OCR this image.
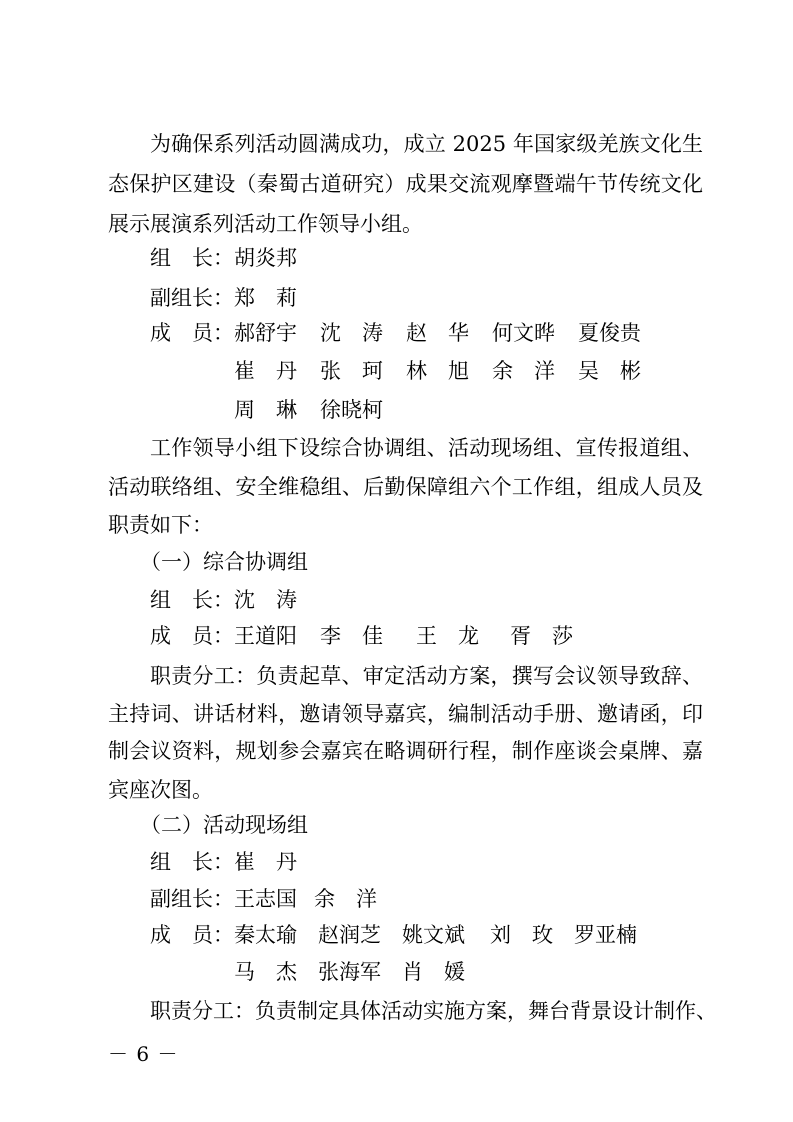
为确保系列活动圆满成功，成立 2025 年国家级羌族文化生
态保护区建设（秦蜀古道研究）成果交流观摩暨端午节传统文化
展示展演系列活动工作领导小组。
组　长： 胡炎邦
副组长： 郑　莉
成　员： 郝舒宇 沈　涛 赵　华 何文晔 夏俊贵
崔　丹 张　珂 林　旭 余　洋 吴　彬
周　琳 徐晓柯
工作领导小组下设综合协调组、活动现场组、宣传报道组、
活动联络组、安全维稳组、后勤保障组六个工作组，组成人员及
职责如下：
（一）综合协调组
组　长： 沈　涛
成　员： 王道阳 李　佳 王　龙 胥　莎
职责分工：负责起草、审定活动方案，撰写会议领导致辞、
主持词、讲话材料，邀请领导嘉宾，编制活动手册、邀请函，印
制会议资料，规划参会嘉宾在略调研行程，制作座谈会桌牌、嘉
宾座次图。
（二）活动现场组
组　长： 崔　丹
副组长： 王志国 余　洋
成　员： 秦太瑜 赵润芝 姚文斌 刘　玫 罗亚楠
马　杰 张海军 肖　媛
职责分工：负责制定具体活动实施方案，舞台背景设计制作、
－ 6 －
